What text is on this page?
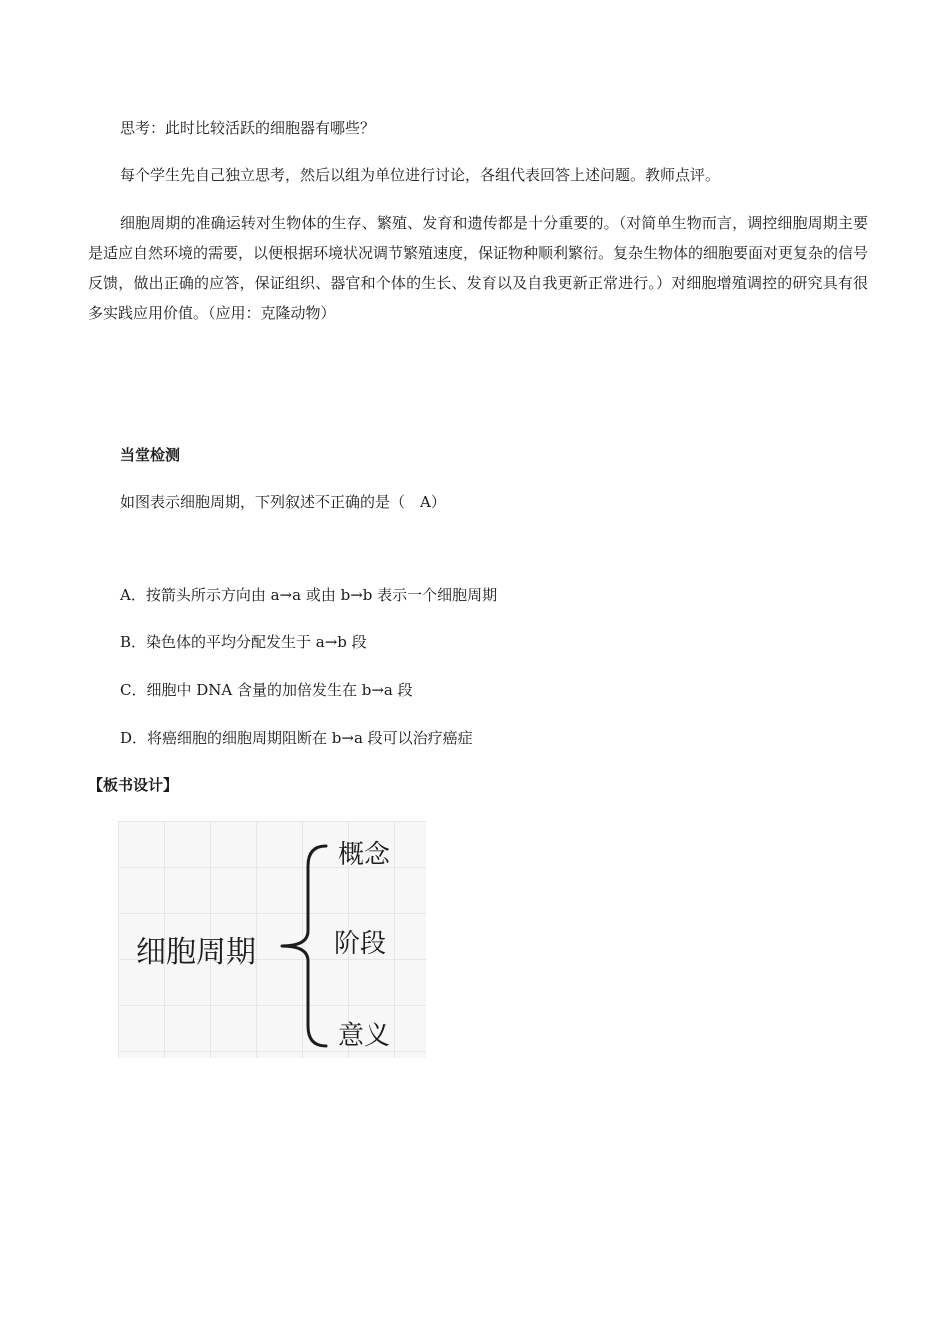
思考：此时比较活跃的细胞器有哪些？
每个学生先自己独立思考，然后以组为单位进行讨论，各组代表回答上述问题。教师点评。
细胞周期的准确运转对生物体的生存、繁殖、发育和遗传都是十分重要的。（对简单生物而言，调控细胞周期主要是适应自然环境的需要，以便根据环境状况调节繁殖速度，保证物种顺利繁衍。复杂生物体的细胞要面对更复杂的信号反馈，做出正确的应答，保证组织、器官和个体的生长、发育以及自我更新正常进行。）对细胞增殖调控的研究具有很多实践应用价值。（应用：克隆动物）
当堂检测
如图表示细胞周期，下列叙述不正确的是（　A）
A．按箭头所示方向由 a→a 或由 b→b 表示一个细胞周期
B．染色体的平均分配发生于 a→b 段
C．细胞中 DNA 含量的加倍发生在 b→a 段
D．将癌细胞的细胞周期阻断在 b→a 段可以治疗癌症
【板书设计】
细胞周期
概念
阶段
意义
